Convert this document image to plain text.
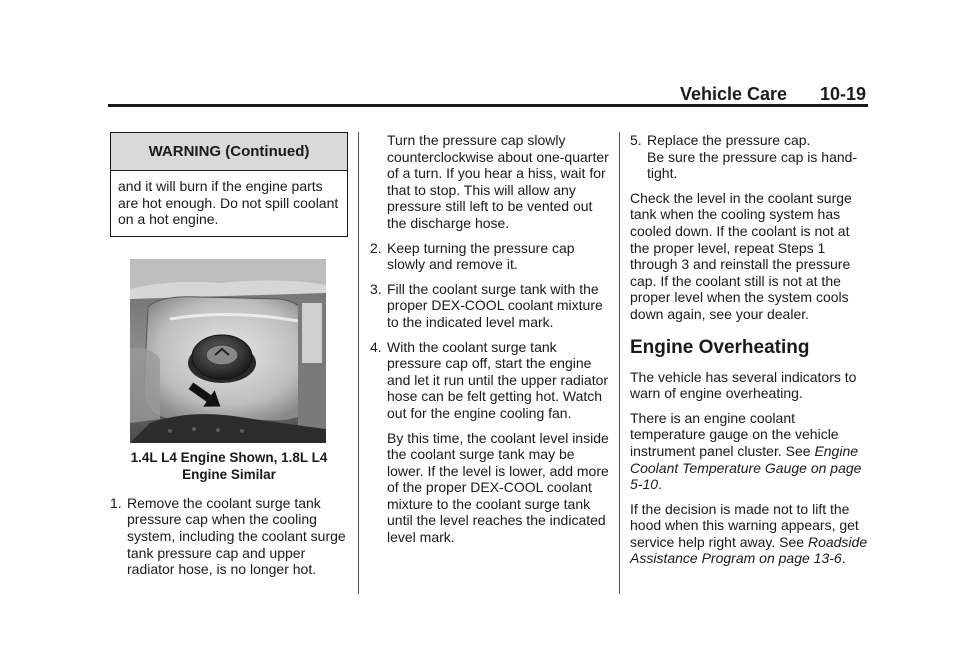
Vehicle Care 10-19
WARNING (Continued)
and it will burn if the engine parts are hot enough. Do not spill coolant on a hot engine.
1.4L L4 Engine Shown, 1.8L L4 Engine Similar
1. Remove the coolant surge tank pressure cap when the cooling system, including the coolant surge tank pressure cap and upper radiator hose, is no longer hot.

Turn the pressure cap slowly counterclockwise about one-quarter of a turn. If you hear a hiss, wait for that to stop. This will allow any pressure still left to be vented out the discharge hose.

2. Keep turning the pressure cap slowly and remove it.
3. Fill the coolant surge tank with the proper DEX-COOL coolant mixture to the indicated level mark.
4. With the coolant surge tank pressure cap off, start the engine and let it run until the upper radiator hose can be felt getting hot. Watch out for the engine cooling fan.

By this time, the coolant level inside the coolant surge tank may be lower. If the level is lower, add more of the proper DEX-COOL coolant mixture to the coolant surge tank until the level reaches the indicated level mark.

5. Replace the pressure cap.

Be sure the pressure cap is hand-tight.

Check the level in the coolant surge tank when the cooling system has cooled down. If the coolant is not at the proper level, repeat Steps 1 through 3 and reinstall the pressure cap. If the coolant still is not at the proper level when the system cools down again, see your dealer.

Engine Overheating

The vehicle has several indicators to warn of engine overheating.

There is an engine coolant temperature gauge on the vehicle instrument panel cluster. See Engine Coolant Temperature Gauge on page 5-10.

If the decision is made not to lift the hood when this warning appears, get service help right away. See Roadside Assistance Program on page 13-6.
